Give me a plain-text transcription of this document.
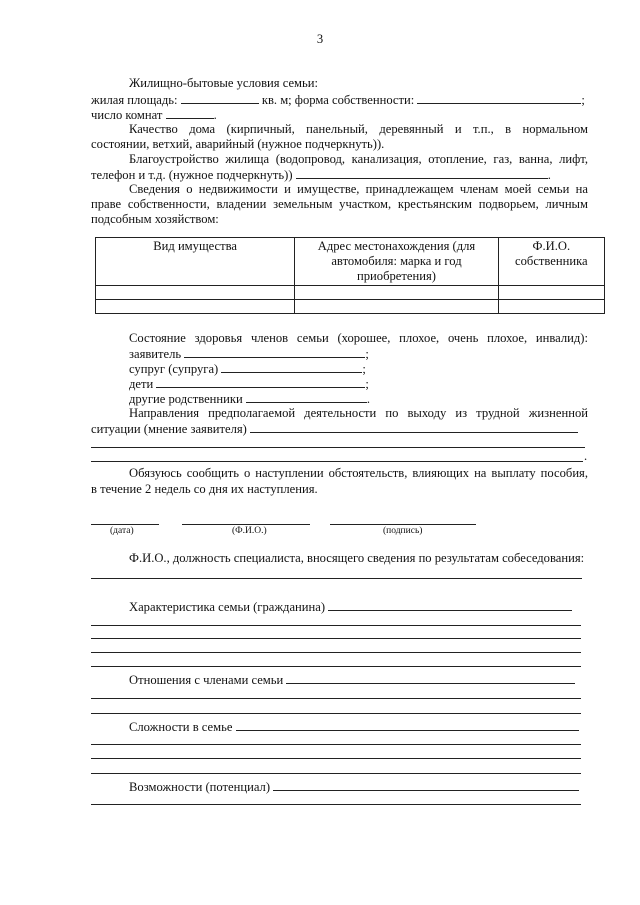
3
Жилищно-бытовые условия семьи:
жилая площадь:	кв. м; форма собственности:	;
число комнат	.
Качество дома (кирпичный, панельный, деревянный и т.п., в нормальном
состоянии, ветхий, аварийный (нужное подчеркнуть)).
Благоустройство жилища (водопровод, канализация, отопление, газ, ванна, лифт,
телефон и т.д. (нужное подчеркнуть))	.
Сведения о недвижимости и имуществе, принадлежащем членам моей семьи на
праве собственности, владении земельным участком, крестьянским подворьем, личным
подсобным хозяйством:
Вид имущества	Адрес местонахождения (для автомобиля: марка и год приобретения)	Ф.И.О. собственника

Состояние здоровья членов семьи (хорошее, плохое, очень плохое, инвалид):
заявитель	;
супруг (супруга)	;
дети	;
другие родственники	.
Направления предполагаемой деятельности по выходу из трудной жизненной
ситуации (мнение заявителя)
.
Обязуюсь сообщить о наступлении обстоятельств, влияющих на выплату пособия,
в течение 2 недель со дня их наступления.
(дата)	(Ф.И.О.)	(подпись)
Ф.И.О., должность специалиста, вносящего сведения по результатам собеседования:
Характеристика семьи (гражданина)
Отношения с членами семьи
Сложности в семье
Возможности (потенциал)
